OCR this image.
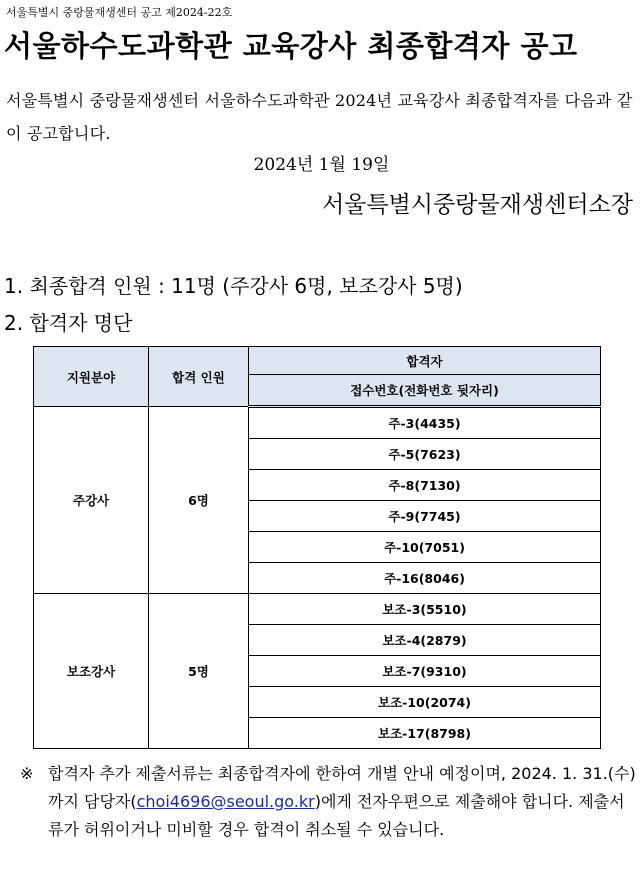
서울특별시 중랑물재생센터 공고 제2024-22호
서울하수도과학관 교육강사 최종합격자 공고
서울특별시 중랑물재생센터 서울하수도과학관 2024년 교육강사 최종합격자를 다음과 같이 공고합니다.
2024년 1월 19일
서울특별시중랑물재생센터소장
1. 최종합격 인원 : 11명 (주강사 6명, 보조강사 5명)
2. 합격자 명단
지원분야	합격 인원	합격자
		접수번호(전화번호 뒷자리)
주강사	6명	주-3(4435)
		주-5(7623)
		주-8(7130)
		주-9(7745)
		주-10(7051)
		주-16(8046)
보조강사	5명	보조-3(5510)
		보조-4(2879)
		보조-7(9310)
		보조-10(2074)
		보조-17(8798)
※ 합격자 추가 제출서류는 최종합격자에 한하여 개별 안내 예정이며, 2024. 1. 31.(수)까지 담당자(choi4696@seoul.go.kr)에게 전자우편으로 제출해야 합니다. 제출서류가 허위이거나 미비할 경우 합격이 취소될 수 있습니다.
